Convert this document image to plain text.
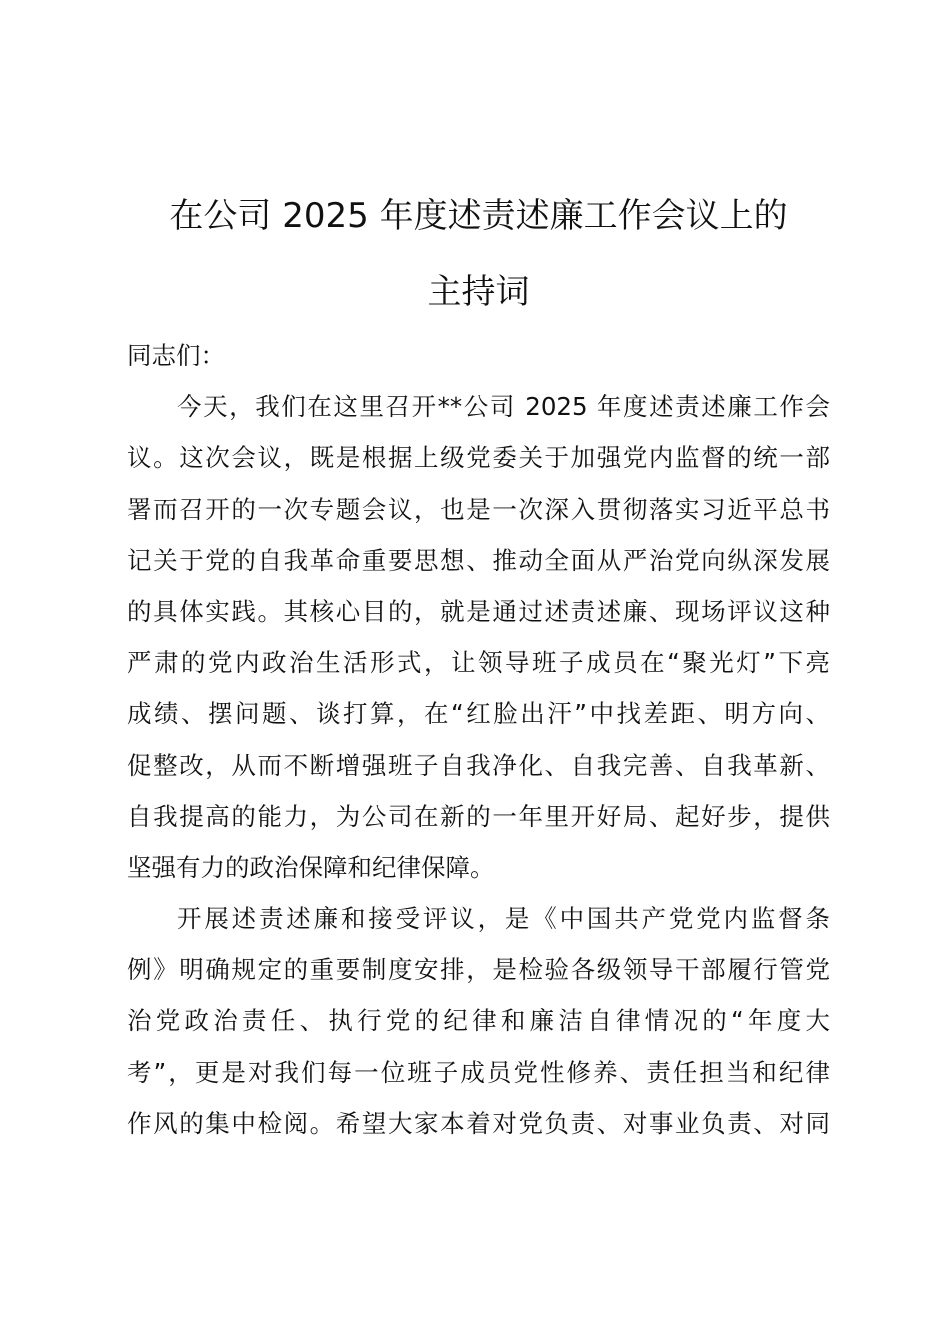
在公司 2025 年度述责述廉工作会议上的
主持词
同志们：
今天，我们在这里召开**公司 2025 年度述责述廉工作会
议。这次会议，既是根据上级党委关于加强党内监督的统一部
署而召开的一次专题会议，也是一次深入贯彻落实习近平总书
记关于党的自我革命重要思想、推动全面从严治党向纵深发展
的具体实践。其核心目的，就是通过述责述廉、现场评议这种
严肃的党内政治生活形式，让领导班子成员在“聚光灯”下亮
成绩、摆问题、谈打算，在“红脸出汗”中找差距、明方向、
促整改，从而不断增强班子自我净化、自我完善、自我革新、
自我提高的能力，为公司在新的一年里开好局、起好步，提供
坚强有力的政治保障和纪律保障。
开展述责述廉和接受评议，是《中国共产党党内监督条
例》明确规定的重要制度安排，是检验各级领导干部履行管党
治党政治责任、执行党的纪律和廉洁自律情况的“年度大
考”，更是对我们每一位班子成员党性修养、责任担当和纪律
作风的集中检阅。希望大家本着对党负责、对事业负责、对同
